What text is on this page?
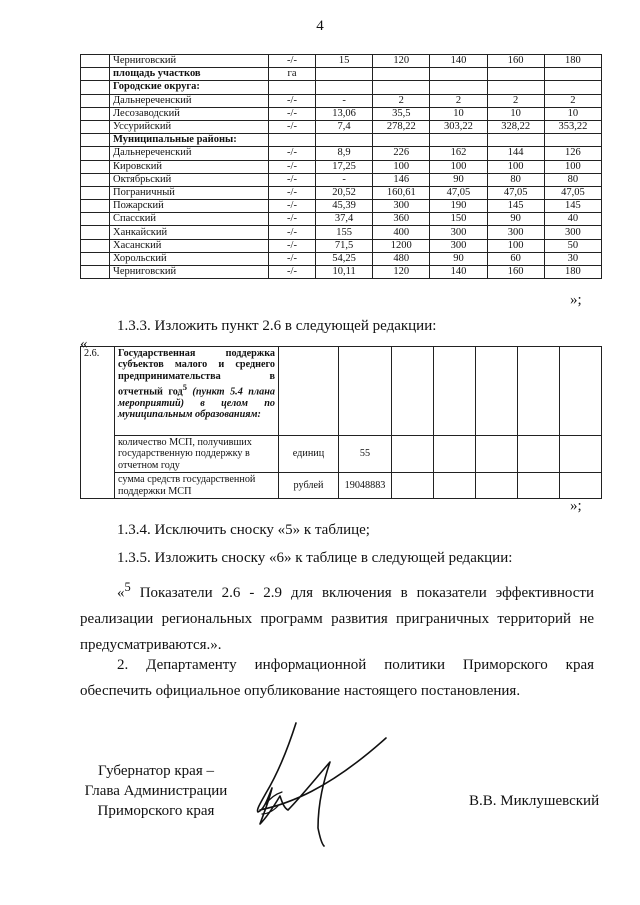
4
	Черниговский	-/-	15	120	140	160	180
	площадь участков	га					
	Городские округа:						
	Дальнереченский	-/-	-	2	2	2	2
	Лесозаводский	-/-	13,06	35,5	10	10	10
	Уссурийский	-/-	7,4	278,22	303,22	328,22	353,22
	Муниципальные районы:						
	Дальнереченский	-/-	8,9	226	162	144	126
	Кировский	-/-	17,25	100	100	100	100
	Октябрьский	-/-	-	146	90	80	80
	Пограничный	-/-	20,52	160,61	47,05	47,05	47,05
	Пожарский	-/-	45,39	300	190	145	145
	Спасский	-/-	37,4	360	150	90	40
	Ханкайский	-/-	155	400	300	300	300
	Хасанский	-/-	71,5	1200	300	100	50
	Хорольский	-/-	54,25	480	90	60	30
	Черниговский	-/-	10,11	120	140	160	180
»;
1.3.3. Изложить пункт 2.6 в следующей редакции:
«
2.6.	Государственная поддержка субъектов малого и среднего предпринимательства в отчетный год$^5$ (пункт 5.4 плана мероприятий) в целом по муниципальным образованиям:							
	количество МСП, получивших государственную поддержку в отчетном году	единиц	55					
	сумма средств государственной поддержки МСП	рублей	19048883					
»;
1.3.4. Исключить сноску «5» к таблице;
1.3.5. Изложить сноску «6» к таблице в следующей редакции:
«$^5$ Показатели 2.6 - 2.9 для включения в показатели эффективности реализации региональных программ развития приграничных территорий не предусматриваются.».
2. Департаменту информационной политики Приморского края обеспечить официальное опубликование настоящего постановления.
Губернатор края –
Глава Администрации
Приморского края
В.В. Миклушевский
